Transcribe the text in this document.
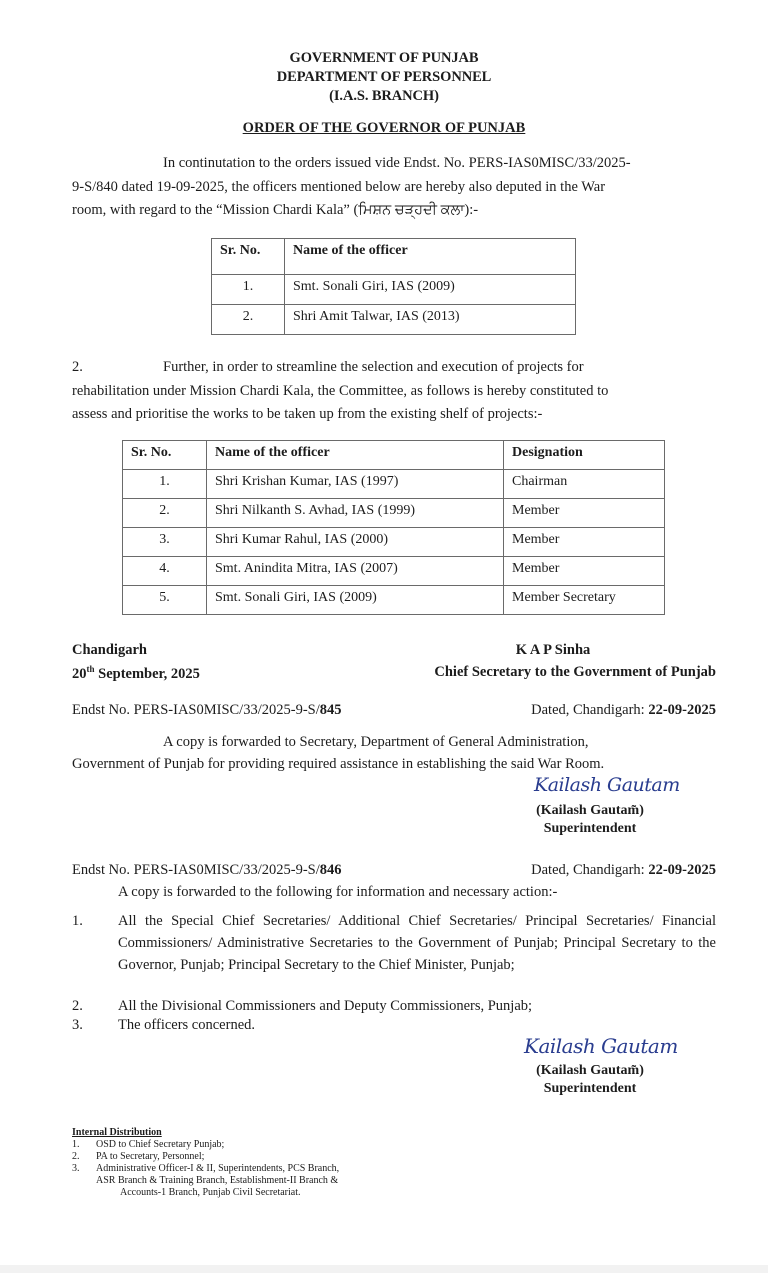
GOVERNMENT OF PUNJAB
DEPARTMENT OF PERSONNEL
(I.A.S. BRANCH)
ORDER OF THE GOVERNOR OF PUNJAB
In continutation to the orders issued vide Endst. No. PERS-IAS0MISC/33/2025-
9-S/840 dated 19-09-2025, the officers mentioned below are hereby also deputed in the War
room, with regard to the “Mission Chardi Kala” (ਮਿਸ਼ਨ ਚੜ੍ਹਦੀ ਕਲਾ):-
Sr. No.	Name of the officer
1.	Smt. Sonali Giri, IAS (2009)
2.	Shri Amit Talwar, IAS (2013)
2.	Further, in order to streamline the selection and execution of projects for
rehabilitation under Mission Chardi Kala, the Committee, as follows is hereby constituted to
assess and prioritise the works to be taken up from the existing shelf of projects:-
Sr. No.	Name of the officer	Designation
1.	Shri Krishan Kumar, IAS (1997)	Chairman
2.	Shri Nilkanth S. Avhad, IAS (1999)	Member
3.	Shri Kumar Rahul, IAS (2000)	Member
4.	Smt. Anindita Mitra, IAS (2007)	Member
5.	Smt. Sonali Giri, IAS (2009)	Member Secretary
Chandigarh
20th September, 2025
K A P Sinha
Chief Secretary to the Government of Punjab
Endst No. PERS-IAS0MISC/33/2025-9-S/845	Dated, Chandigarh: 22-09-2025
A copy is forwarded to Secretary, Department of General Administration,
Government of Punjab for providing required assistance in establishing the said War Room.
Kailash Gautam
(Kailash Gautam̃)
Superintendent
Endst No. PERS-IAS0MISC/33/2025-9-S/846	Dated, Chandigarh: 22-09-2025
A copy is forwarded to the following for information and necessary action:-
1. All the Special Chief Secretaries/ Additional Chief Secretaries/ Principal Secretaries/ Financial Commissioners/ Administrative Secretaries to the Government of Punjab; Principal Secretary to the Governor, Punjab; Principal Secretary to the Chief Minister, Punjab;
2. All the Divisional Commissioners and Deputy Commissioners, Punjab;
3. The officers concerned.
Kailash Gautam
(Kailash Gautam̃)
Superintendent
Internal Distribution
1. OSD to Chief Secretary Punjab;
2. PA to Secretary, Personnel;
3. Administrative Officer-I & II, Superintendents, PCS Branch,
ASR Branch & Training Branch, Establishment-II Branch &
Accounts-1 Branch, Punjab Civil Secretariat.
